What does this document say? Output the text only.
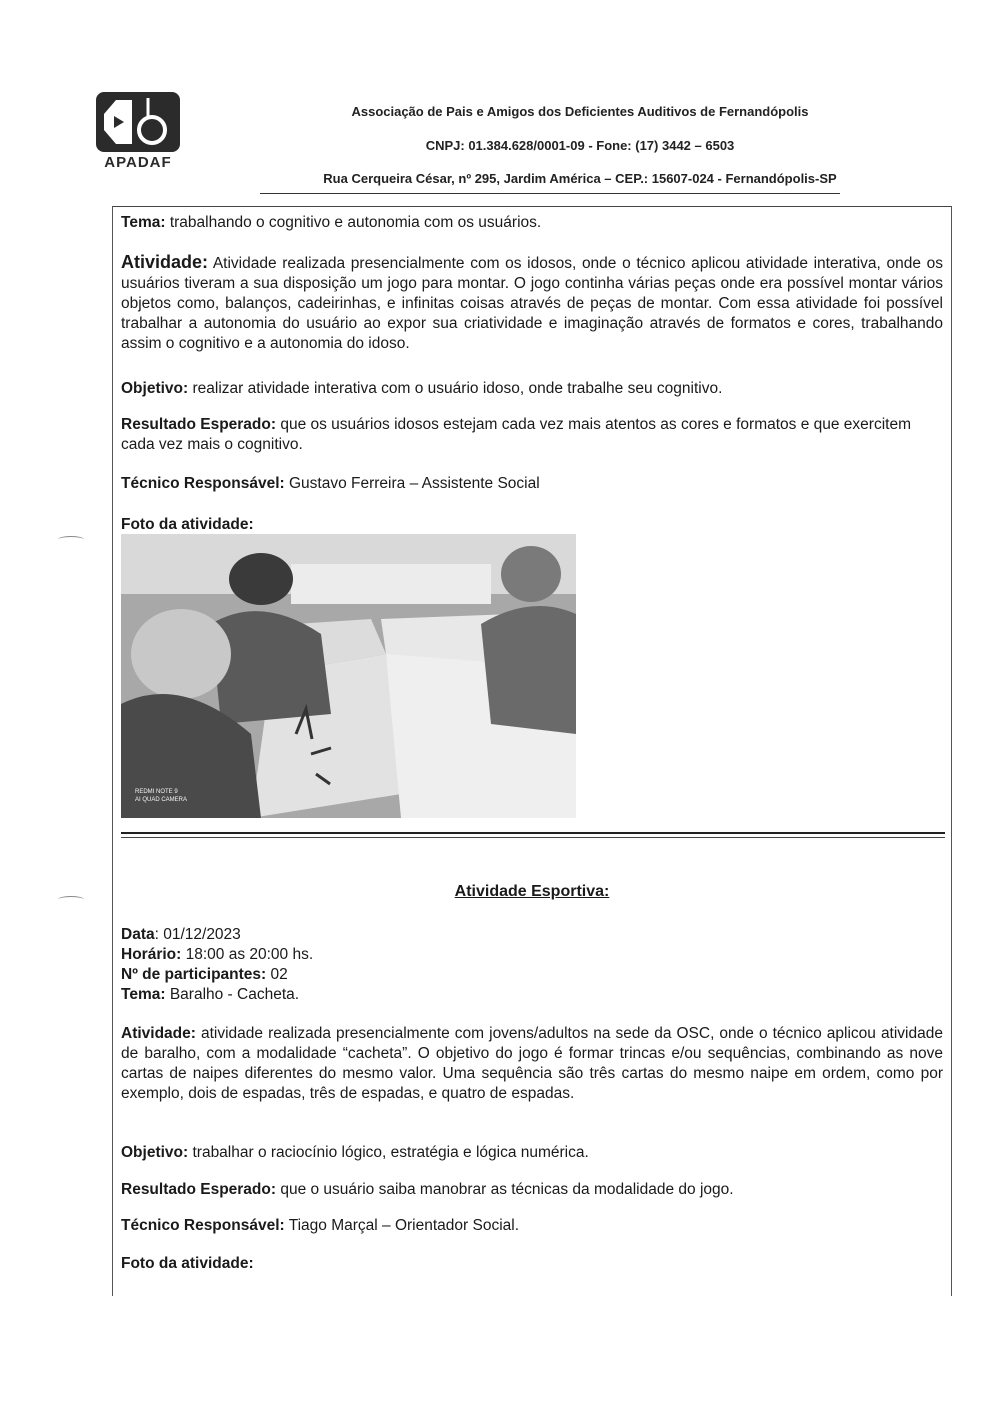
APADAF
Associação de Pais e Amigos dos Deficientes Auditivos de Fernandópolis
CNPJ: 01.384.628/0001-09 - Fone: (17) 3442 – 6503
Rua Cerqueira César, nº 295, Jardim América – CEP.: 15607-024 - Fernandópolis-SP

Tema: trabalhando o cognitivo e autonomia com os usuários.

Atividade: Atividade realizada presencialmente com os idosos, onde o técnico aplicou atividade interativa, onde os usuários tiveram a sua disposição um jogo para montar. O jogo continha várias peças onde era possível montar vários objetos como, balanços, cadeirinhas, e infinitas coisas através de peças de montar. Com essa atividade foi possível trabalhar a autonomia do usuário ao expor sua criatividade e imaginação através de formatos e cores, trabalhando assim o cognitivo e a autonomia do idoso.

Objetivo: realizar atividade interativa com o usuário idoso, onde trabalhe seu cognitivo.

Resultado Esperado: que os usuários idosos estejam cada vez mais atentos as cores e formatos e que exercitem cada vez mais o cognitivo.

Técnico Responsável: Gustavo Ferreira – Assistente Social

Foto da atividade:

REDMI NOTE 9
AI QUAD CAMERA
Atividade Esportiva:

Data: 01/12/2023

Horário: 18:00 as 20:00 hs.

Nº de participantes: 02

Tema: Baralho - Cacheta.

Atividade: atividade realizada presencialmente com jovens/adultos na sede da OSC, onde o técnico aplicou atividade de baralho, com a modalidade “cacheta”. O objetivo do jogo é formar trincas e/ou sequências, combinando as nove cartas de naipes diferentes do mesmo valor. Uma sequência são três cartas do mesmo naipe em ordem, como por exemplo, dois de espadas, três de espadas, e quatro de espadas.

Objetivo: trabalhar o raciocínio lógico, estratégia e lógica numérica.

Resultado Esperado: que o usuário saiba manobrar as técnicas da modalidade do jogo.

Técnico Responsável: Tiago Marçal – Orientador Social.

Foto da atividade:
